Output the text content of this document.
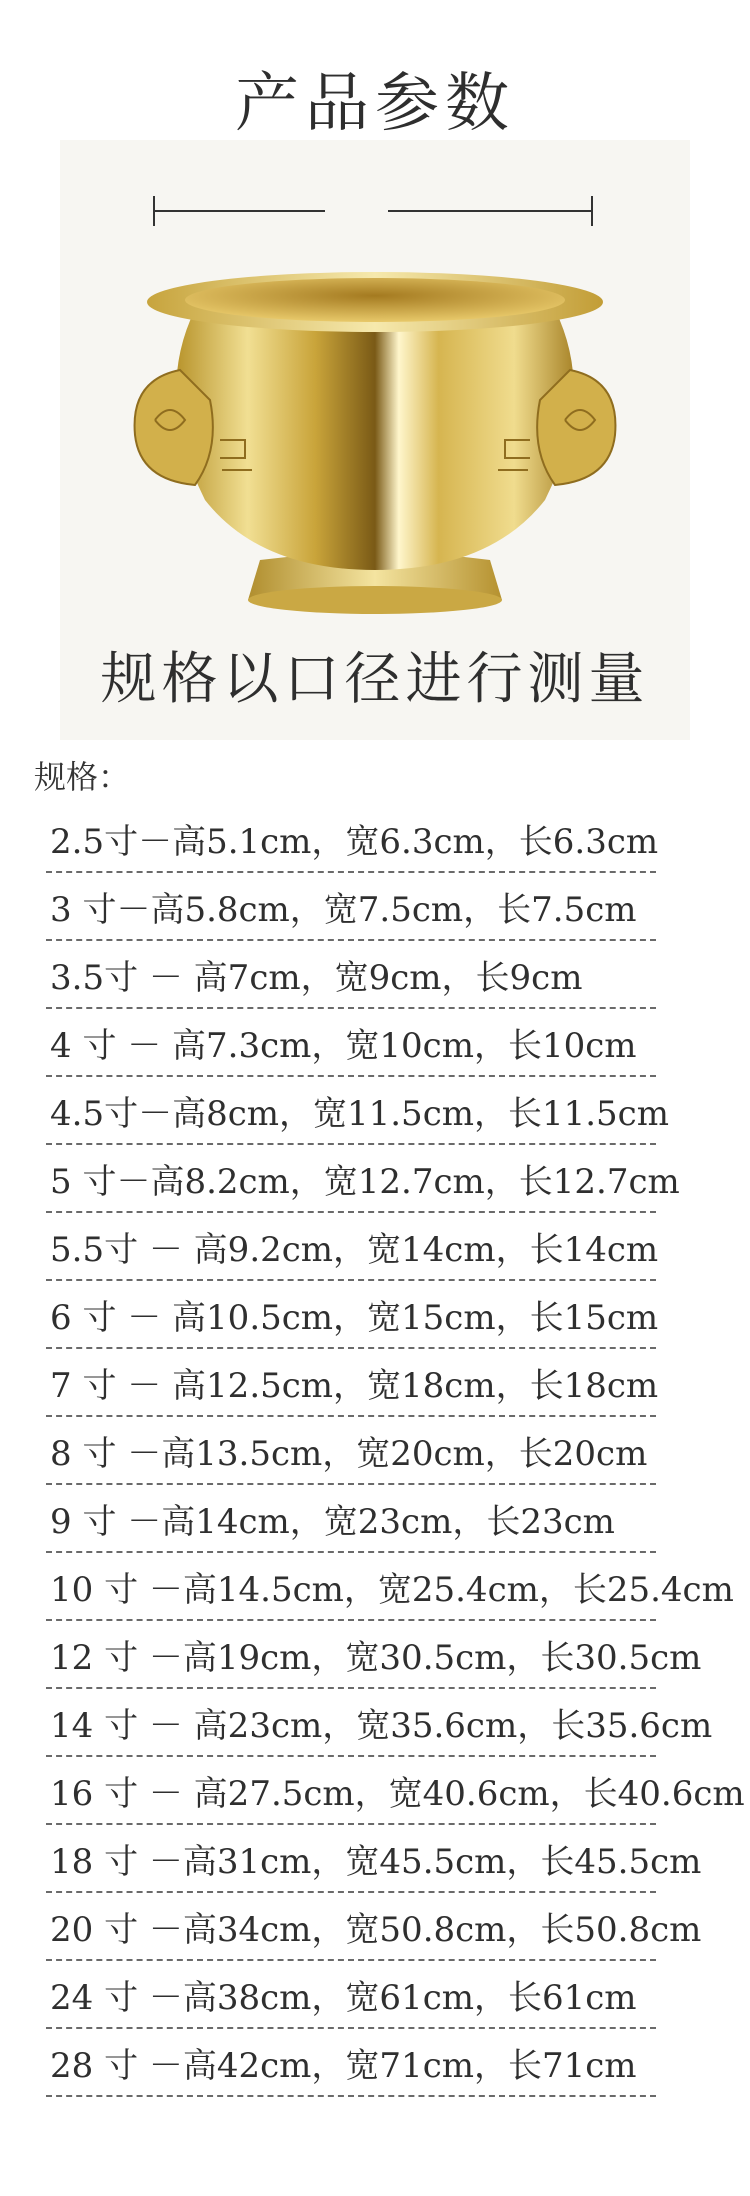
产品参数
规格以口径进行测量
规格：
2.5寸－高5.1cm，宽6.3cm，长6.3cm
3 寸－高5.8cm，宽7.5cm，长7.5cm
3.5寸 － 高7cm，宽9cm，长9cm
4 寸 － 高7.3cm，宽10cm，长10cm
4.5寸－高8cm，宽11.5cm，长11.5cm
5 寸－高8.2cm，宽12.7cm，长12.7cm
5.5寸 － 高9.2cm，宽14cm，长14cm
6 寸 － 高10.5cm，宽15cm，长15cm
7 寸 － 高12.5cm，宽18cm，长18cm
8 寸 －高13.5cm，宽20cm，长20cm
9 寸 －高14cm，宽23cm，长23cm
10 寸 －高14.5cm，宽25.4cm，长25.4cm
12 寸 －高19cm，宽30.5cm，长30.5cm
14 寸 － 高23cm，宽35.6cm，长35.6cm
16 寸 － 高27.5cm，宽40.6cm，长40.6cm
18 寸 －高31cm，宽45.5cm，长45.5cm
20 寸 －高34cm，宽50.8cm，长50.8cm
24 寸 －高38cm，宽61cm，长61cm
28 寸 －高42cm，宽71cm，长71cm
